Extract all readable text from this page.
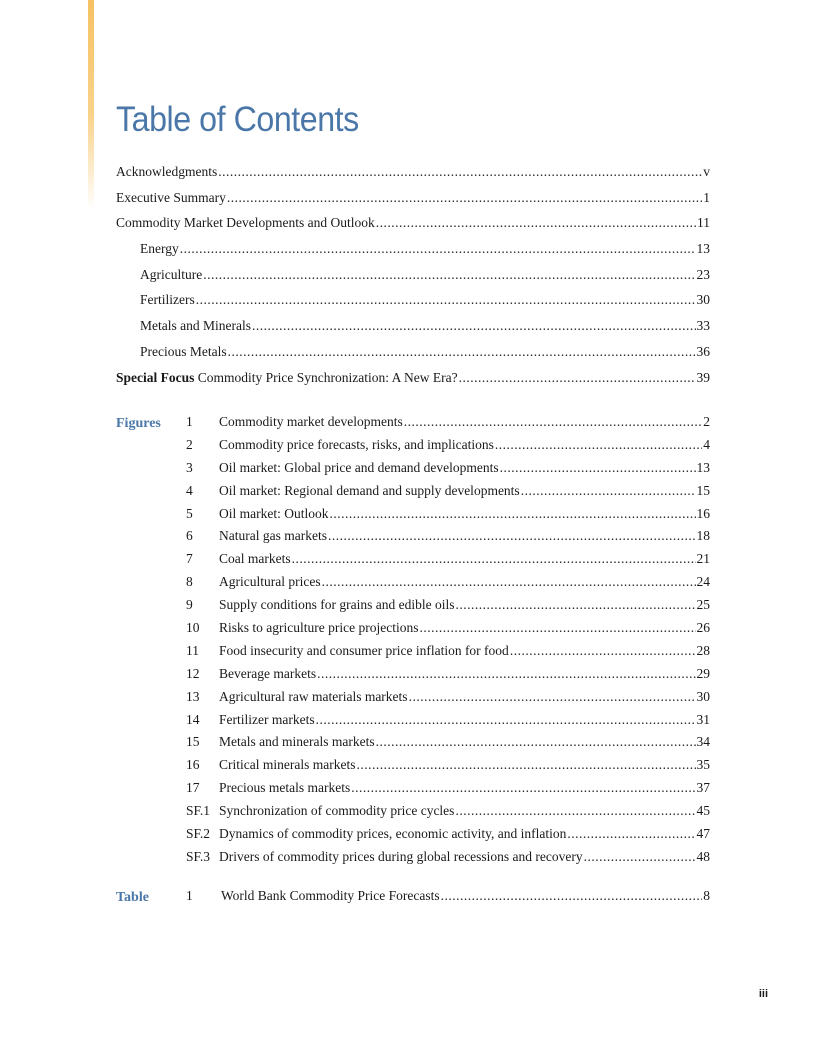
Table of Contents
Acknowledgments .....	v
Executive Summary .....	1
Commodity Market Developments and Outlook .....	11
Energy .....	13
Agriculture .....	23
Fertilizers .....	30
Metals and Minerals .....	33
Precious Metals .....	36
Special Focus Commodity Price Synchronization: A New Era? .....	39
Figures 1	Commodity market developments .....	2
2	Commodity price forecasts, risks, and implications .....	4
3	Oil market: Global price and demand developments .....	13
4	Oil market: Regional demand and supply developments .....	15
5	Oil market: Outlook .....	16
6	Natural gas markets .....	18
7	Coal markets .....	21
8	Agricultural prices .....	24
9	Supply conditions for grains and edible oils .....	25
10	Risks to agriculture price projections .....	26
11	Food insecurity and consumer price inflation for food .....	28
12	Beverage markets .....	29
13	Agricultural raw materials markets .....	30
14	Fertilizer markets .....	31
15	Metals and minerals markets .....	34
16	Critical minerals markets .....	35
17	Precious metals markets .....	37
SF.1 Synchronization of commodity price cycles .....	45
SF.2 Dynamics of commodity prices, economic activity, and inflation .....	47
SF.3 Drivers of commodity prices during global recessions and recovery .....	48
Table	1	World Bank Commodity Price Forecasts .....	8
iii
